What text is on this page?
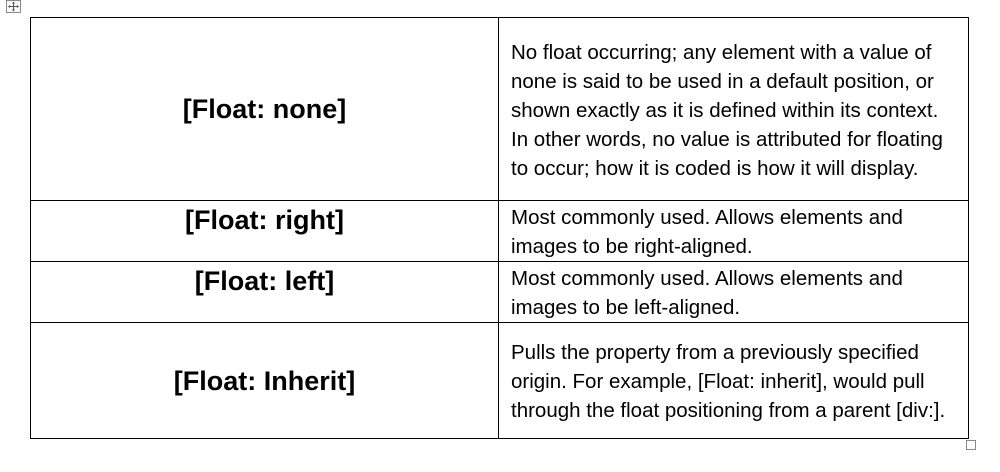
[Float: none]	No float occurring; any element with a value of none is said to be used in a default position, or shown exactly as it is defined within its context. In other words, no value is attributed for floating to occur; how it is coded is how it will display.
[Float: right]	Most commonly used. Allows elements and images to be right-aligned.
[Float: left]	Most commonly used. Allows elements and images to be left-aligned.
[Float: Inherit]	Pulls the property from a previously specified origin. For example, [Float: inherit], would pull through the float positioning from a parent [div:].
